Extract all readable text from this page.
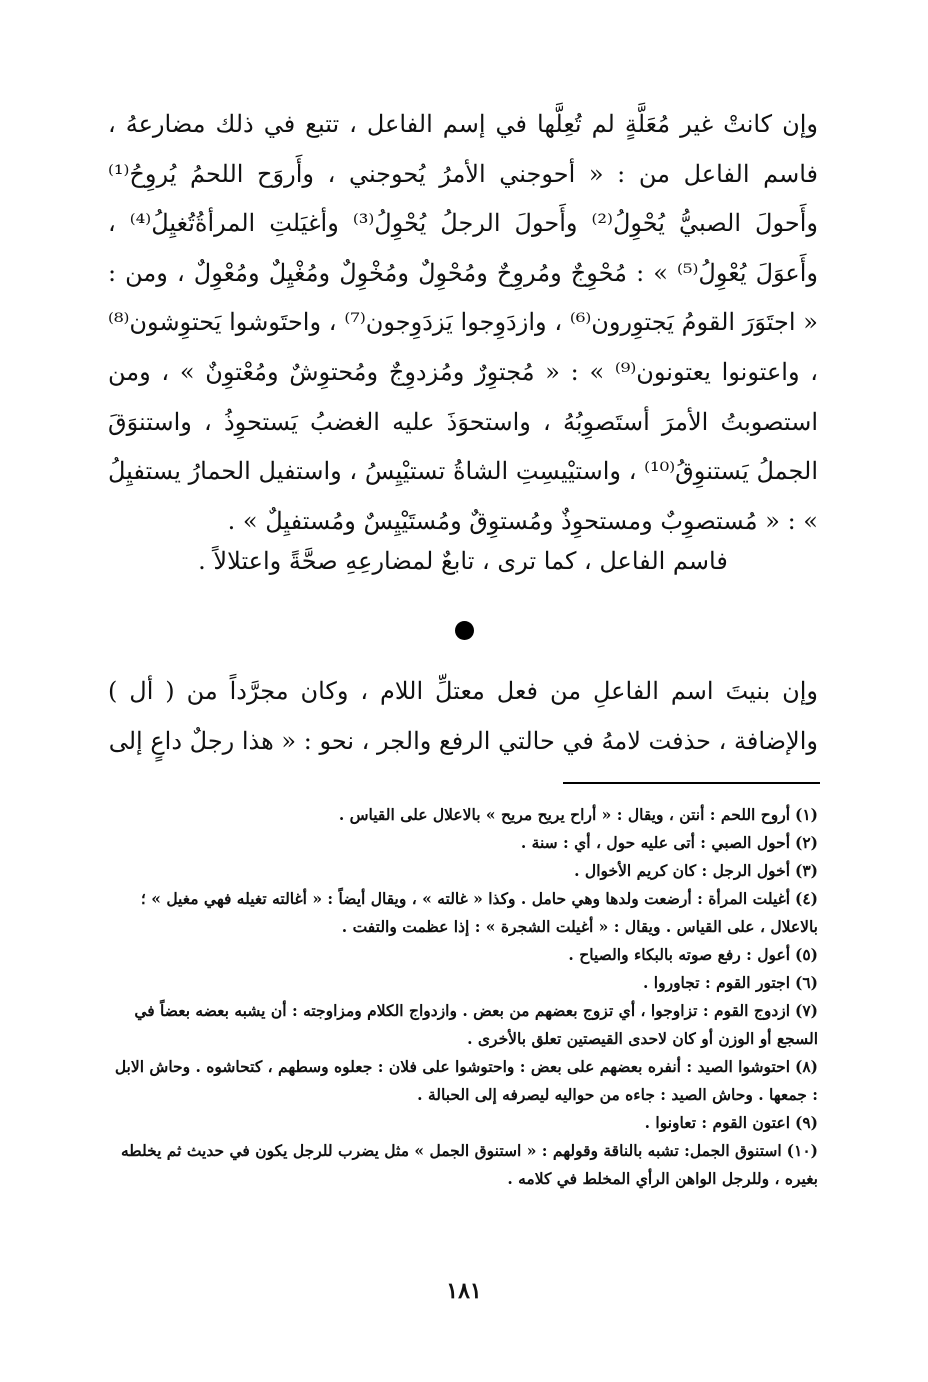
وإن كانتْ غير مُعَلَّةٍ لم تُعِلَّها في إسم الفاعل ، تتبع في ذلك مضارعهُ ، فاسم الفاعل من : « أحوجني الأمرُ يُحوجني ، وأَروَح اللحمُ يُروِحُ⁽¹⁾ وأَحولَ الصبيُّ يُحْوِلُ⁽²⁾ وأَحولَ الرجلُ يُحْوِلُ⁽³⁾ وأغيَلتِ المرأةُتُغيِلُ⁽⁴⁾ ، وأَعوَلَ يُعْوِلُ⁽⁵⁾ » : مُحْوِجٌ ومُروِحٌ ومُحْوِلٌ ومُخْوِلٌ ومُغْيِلٌ ومُعْوِلٌ ، ومن : « اجتَوَرَ القومُ يَجتوِرون⁽⁶⁾ ، وازدَوِجوا يَزدَوِجون⁽⁷⁾ ، واحتَوشوا يَحتوِشون⁽⁸⁾ ، واعتونوا يعتونون⁽⁹⁾ » : « مُجتوِرٌ ومُزدوِجٌ ومُحتوِشٌ ومُعْتوِنٌ » ، ومن استصوبتُ الأمرَ أستَصوِبُهُ ، واستحوَذَ عليه الغضبُ يَستحوِذُ ، واستنوَقَ الجملُ يَستنوِقُ⁽¹⁰⁾ ، واستيْيسِتِ الشاةُ تستيْيِسُ ، واستفيل الحمارُ يستفيِلُ » : « مُستصوِبٌ ومستحوِذٌ ومُستوِقٌ ومُستَيْيِسٌ ومُستفيِلٌ » .

فاسم الفاعل ، كما ترى ، تابعٌ لمضارعِهِ صحَّةً واعتلالاً .

وإن بنيتَ اسم الفاعلِ من فعل معتلِّ اللام ، وكان مجرَّداً من ( أل ) والإضافة ، حذفت لامهُ في حالتي الرفع والجر ، نحو : « هذا رجلٌ داعٍ إلى

(١) أروح اللحم : أنتن ، ويقال : « أراح يريح مريح » بالاعلال على القياس .
(٢) أحول الصبي : أتى عليه حول ، أي : سنة .
(٣) أخول الرجل : كان كريم الأخوال .
(٤) أغيلت المرأة : أرضعت ولدها وهي حامل . وكذا « غالته » ، ويقال أيضاً : « أغالته تغيله فهي مغيل » ؛ بالاعلال ، على القياس . ويقال : « أغيلت الشجرة » : إذا عظمت والتفت .
(٥) أعول : رفع صوته بالبكاء والصياح .
(٦) اجتور القوم : تجاوروا .
(٧) ازدوج القوم : تزاوجوا ، أي تزوج بعضهم من بعض . وازدواج الكلام ومزاوجته : أن يشبه بعضه بعضاً في السجع أو الوزن أو كان لاحدى القيصتين تعلق بالأخرى .
(٨) احتوشوا الصيد : أنفره بعضهم على بعض : واحتوشوا على فلان : جعلوه وسطهم ، كتحاشوه . وحاش الابل : جمعها . وحاش الصيد : جاءه من حواليه ليصرفه إلى الحبالة .
(٩) اعتون القوم : تعاونوا .
(١٠) استنوق الجمل: تشبه بالناقة وقولهم : « استنوق الجمل » مثل يضرب للرجل يكون في حديث ثم يخلطه بغيره ، وللرجل الواهن الرأي المخلط في كلامه .
١٨١
